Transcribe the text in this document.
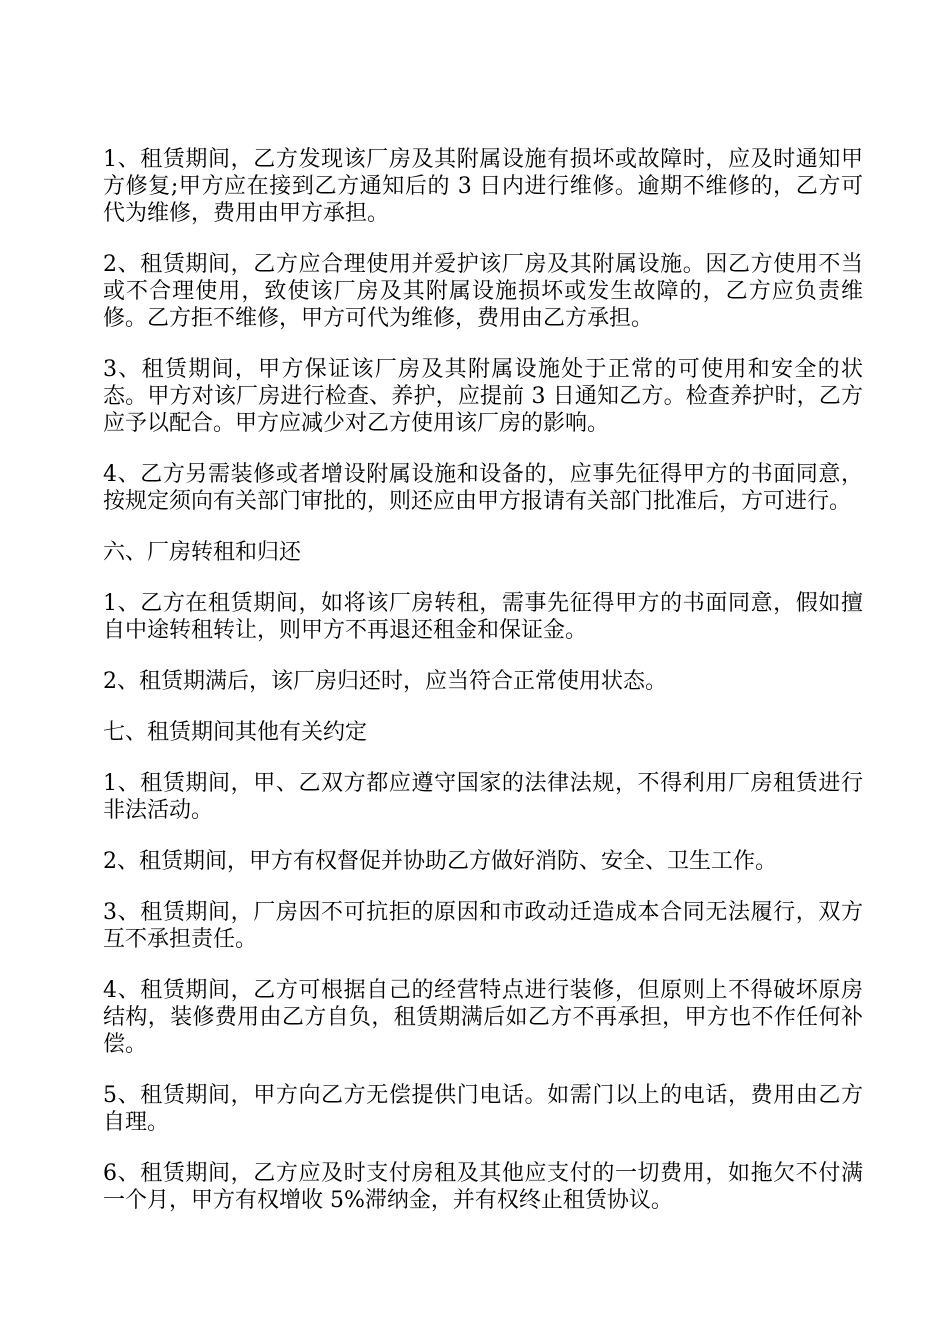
1、租赁期间，乙方发现该厂房及其附属设施有损坏或故障时，应及时通知甲方修复;甲方应在接到乙方通知后的 3 日内进行维修。逾期不维修的，乙方可代为维修，费用由甲方承担。

2、租赁期间，乙方应合理使用并爱护该厂房及其附属设施。因乙方使用不当或不合理使用，致使该厂房及其附属设施损坏或发生故障的，乙方应负责维修。乙方拒不维修，甲方可代为维修，费用由乙方承担。

3、租赁期间，甲方保证该厂房及其附属设施处于正常的可使用和安全的状态。甲方对该厂房进行检查、养护，应提前 3 日通知乙方。检查养护时，乙方应予以配合。甲方应减少对乙方使用该厂房的影响。

4、乙方另需装修或者增设附属设施和设备的，应事先征得甲方的书面同意，按规定须向有关部门审批的，则还应由甲方报请有关部门批准后，方可进行。

六、厂房转租和归还

1、乙方在租赁期间，如将该厂房转租，需事先征得甲方的书面同意，假如擅自中途转租转让，则甲方不再退还租金和保证金。

2、租赁期满后，该厂房归还时，应当符合正常使用状态。

七、租赁期间其他有关约定

1、租赁期间，甲、乙双方都应遵守国家的法律法规，不得利用厂房租赁进行非法活动。

2、租赁期间，甲方有权督促并协助乙方做好消防、安全、卫生工作。

3、租赁期间，厂房因不可抗拒的原因和市政动迁造成本合同无法履行，双方互不承担责任。

4、租赁期间，乙方可根据自己的经营特点进行装修，但原则上不得破坏原房结构，装修费用由乙方自负，租赁期满后如乙方不再承担，甲方也不作任何补偿。

5、租赁期间，甲方向乙方无偿提供门电话。如需门以上的电话，费用由乙方自理。

6、租赁期间，乙方应及时支付房租及其他应支付的一切费用，如拖欠不付满一个月，甲方有权增收 5%滞纳金，并有权终止租赁协议。
